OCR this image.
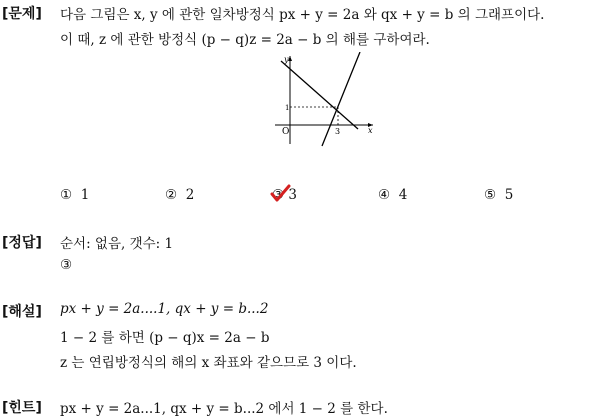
[문제] 다음 그림은 x, y 에 관한 일차방정식 px + y = 2a 와 qx + y = b 의 그래프이다.
이 때, z 에 관한 방정식 (p − q)z = 2a − b 의 해를 구하여라.
y
x
O
1
3
① 1	② 2	③ 3	④ 4	⑤ 5
[정답] 순서: 없음, 갯수: 1
③
[해설] px + y = 2a....1, qx + y = b...2
1 − 2 를 하면 (p − q)x = 2a − b
z 는 연립방정식의 해의 x 좌표와 같으므로 3 이다.
[힌트] px + y = 2a...1, qx + y = b...2 에서 1 − 2 를 한다.
